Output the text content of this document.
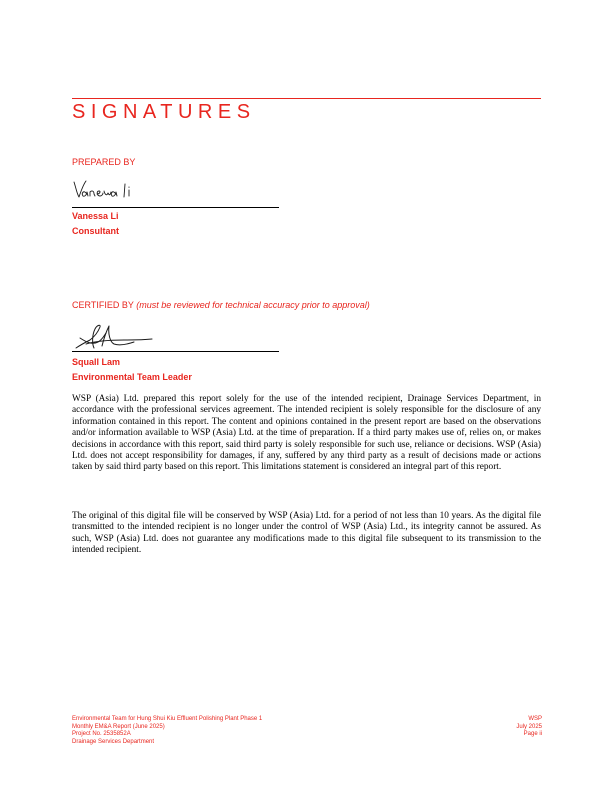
SIGNATURES
PREPARED BY
Vanessa Li
Consultant
CERTIFIED BY (must be reviewed for technical accuracy prior to approval)
Squall Lam
Environmental Team Leader

WSP (Asia) Ltd. prepared this report solely for the use of the intended recipient, Drainage Services Department, in accordance with the professional services agreement. The intended recipient is solely responsible for the disclosure of any information contained in this report. The content and opinions contained in the present report are based on the observations and/or information available to WSP (Asia) Ltd. at the time of preparation. If a third party makes use of, relies on, or makes decisions in accordance with this report, said third party is solely responsible for such use, reliance or decisions. WSP (Asia) Ltd. does not accept responsibility for damages, if any, suffered by any third party as a result of decisions made or actions taken by said third party based on this report. This limitations statement is considered an integral part of this report.

The original of this digital file will be conserved by WSP (Asia) Ltd. for a period of not less than 10 years. As the digital file transmitted to the intended recipient is no longer under the control of WSP (Asia) Ltd., its integrity cannot be assured. As such, WSP (Asia) Ltd. does not guarantee any modifications made to this digital file subsequent to its transmission to the intended recipient.

Environmental Team for Hung Shui Kiu Effluent Polishing Plant Phase 1
Monthly EM&A Report (June 2025)
Project No. 2535852A
Drainage Services Department
WSP
July 2025
Page ii
